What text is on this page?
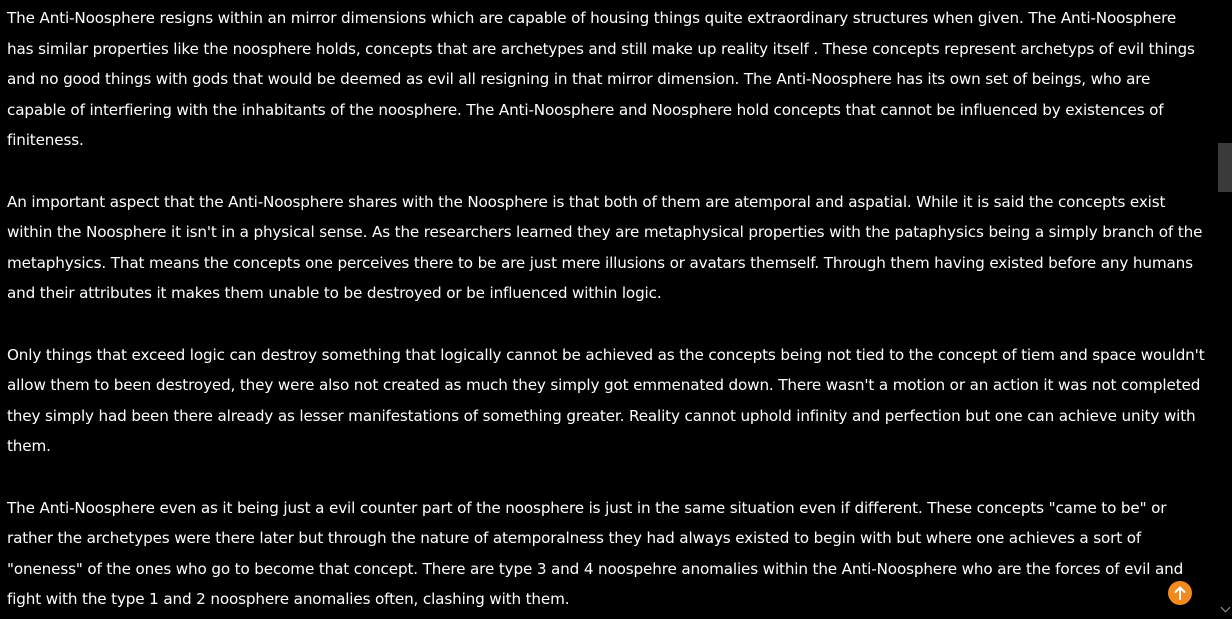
The Anti-Noosphere resigns within an mirror dimensions which are capable of housing things quite extraordinary structures when given. The Anti-Noosphere has similar properties like the noosphere holds, concepts that are archetypes and still make up reality itself . These concepts represent archetyps of evil things and no good things with gods that would be deemed as evil all resigning in that mirror dimension. The Anti-Noosphere has its own set of beings, who are capable of interfiering with the inhabitants of the noosphere. The Anti-Noosphere and Noosphere hold concepts that cannot be influenced by existences of finiteness.

An important aspect that the Anti-Noosphere shares with the Noosphere is that both of them are atemporal and aspatial. While it is said the concepts exist within the Noosphere it isn't in a physical sense. As the researchers learned they are metaphysical properties with the pataphysics being a simply branch of the metaphysics. That means the concepts one perceives there to be are just mere illusions or avatars themself. Through them having existed before any humans and their attributes it makes them unable to be destroyed or be influenced within logic.

Only things that exceed logic can destroy something that logically cannot be achieved as the concepts being not tied to the concept of tiem and space wouldn't allow them to been destroyed, they were also not created as much they simply got emmenated down. There wasn't a motion or an action it was not completed they simply had been there already as lesser manifestations of something greater. Reality cannot uphold infinity and perfection but one can achieve unity with them.

The Anti-Noosphere even as it being just a evil counter part of the noosphere is just in the same situation even if different. These concepts "came to be" or rather the archetypes were there later but through the nature of atemporalness they had always existed to begin with but where one achieves a sort of "oneness" of the ones who go to become that concept. There are type 3 and 4 noospehre anomalies within the Anti-Noosphere who are the forces of evil and fight with the type 1 and 2 noosphere anomalies often, clashing with them.
